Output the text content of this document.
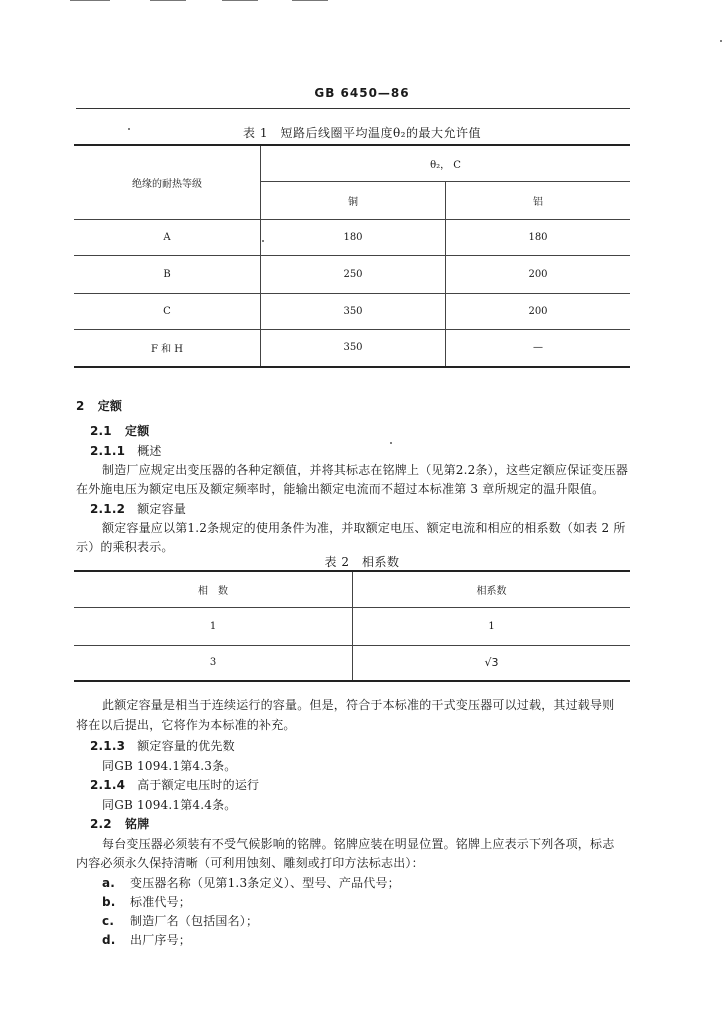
GB 6450—86
表 1　短路后线圈平均温度θ₂的最大允许值
绝缘的耐热等级	θ₂， C	
	铜	铝
A	180	180
B	250	200
C	350	200
F 和 H	350	—
2 定额
2.1 定额
2.1.1 概述
制造厂应规定出变压器的各种定额值，并将其标志在铭牌上（见第2.2条），这些定额应保证变压器
在外施电压为额定电压及额定频率时，能输出额定电流而不超过本标准第 3 章所规定的温升限值。
2.1.2 额定容量
额定容量应以第1.2条规定的使用条件为准，并取额定电压、额定电流和相应的相系数（如表 2 所
示）的乘积表示。
表 2　相系数
相　数	相系数
1	1
3	√3
此额定容量是相当于连续运行的容量。但是，符合于本标准的干式变压器可以过载，其过载导则
将在以后提出，它将作为本标准的补充。
2.1.3 额定容量的优先数
同GB 1094.1第4.3条。
2.1.4 高于额定电压时的运行
同GB 1094.1第4.4条。
2.2 铭牌
每台变压器必须装有不受气候影响的铭牌。铭牌应装在明显位置。铭牌上应表示下列各项，标志
内容必须永久保持清晰（可利用蚀刻、雕刻或打印方法标志出）：
a. 变压器名称（见第1.3条定义）、型号、产品代号；
b. 标准代号；
c. 制造厂名（包括国名）；
d. 出厂序号；
